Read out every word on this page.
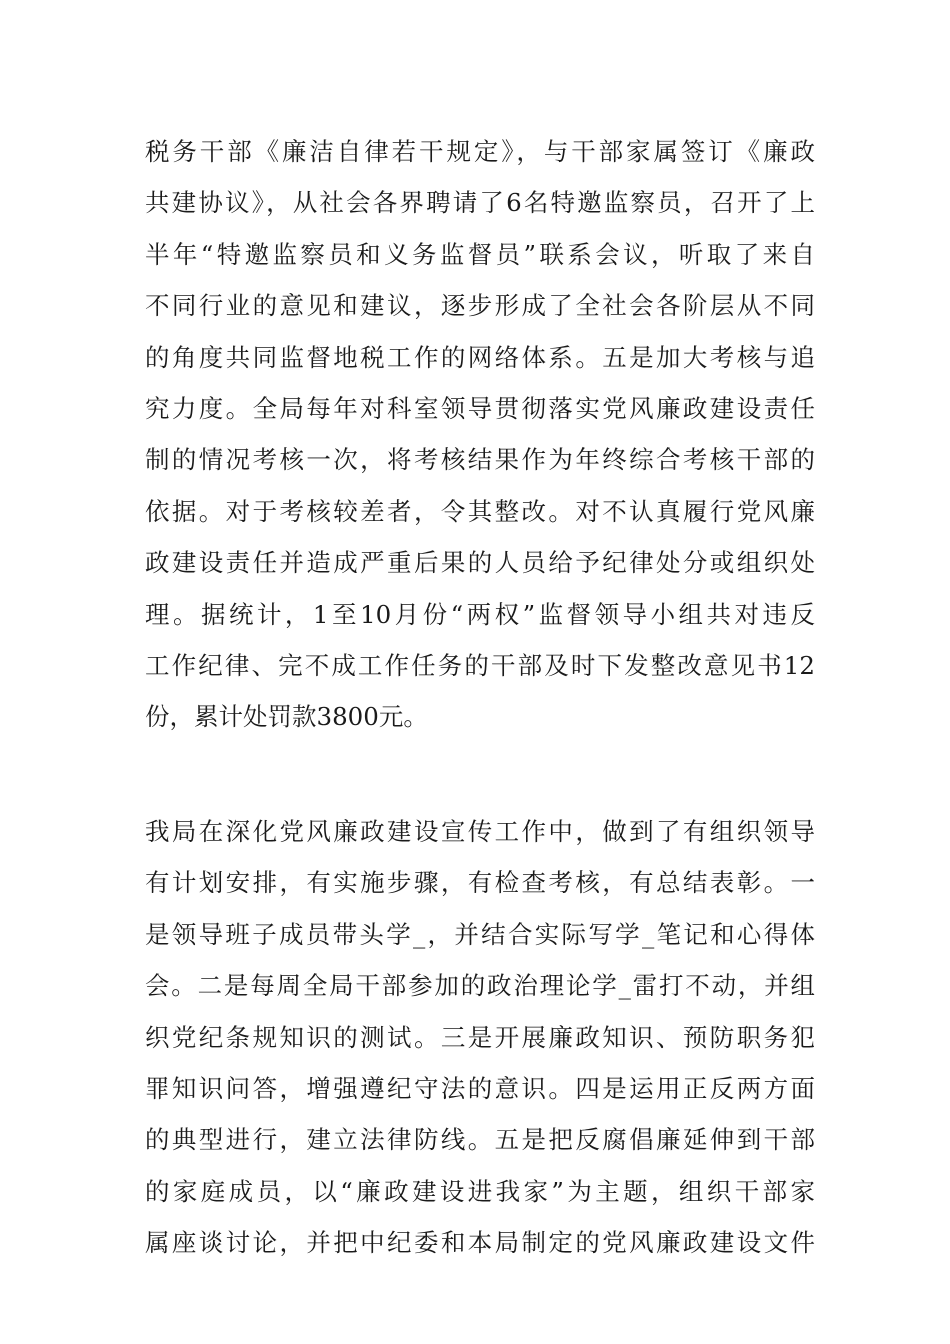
税务干部《廉洁自律若干规定》，与干部家属签订《廉政
共建协议》，从社会各界聘请了6名特邀监察员，召开了上
半年“特邀监察员和义务监督员”联系会议，听取了来自
不同行业的意见和建议，逐步形成了全社会各阶层从不同
的角度共同监督地税工作的网络体系。五是加大考核与追
究力度。全局每年对科室领导贯彻落实党风廉政建设责任
制的情况考核一次，将考核结果作为年终综合考核干部的
依据。对于考核较差者，令其整改。对不认真履行党风廉
政建设责任并造成严重后果的人员给予纪律处分或组织处
理。据统计，1至10月份“两权”监督领导小组共对违反
工作纪律、完不成工作任务的干部及时下发整改意见书12
份，累计处罚款3800元。
我局在深化党风廉政建设宣传工作中，做到了有组织领导
有计划安排，有实施步骤，有检查考核，有总结表彰。一
是领导班子成员带头学_，并结合实际写学_笔记和心得体
会。二是每周全局干部参加的政治理论学_雷打不动，并组
织党纪条规知识的测试。三是开展廉政知识、预防职务犯
罪知识问答，增强遵纪守法的意识。四是运用正反两方面
的典型进行，建立法律防线。五是把反腐倡廉延伸到干部
的家庭成员，以“廉政建设进我家”为主题，组织干部家
属座谈讨论，并把中纪委和本局制定的党风廉政建设文件
